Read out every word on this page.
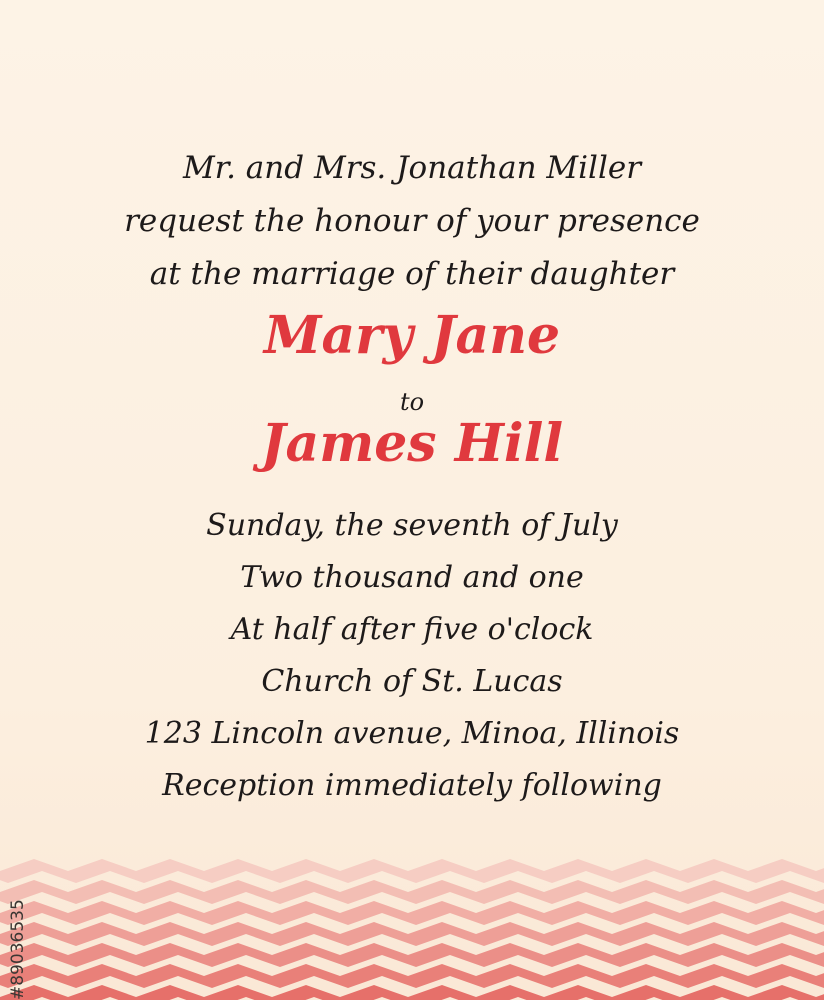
Mr. and Mrs. Jonathan Miller
request the honour of your presence
at the marriage of their daughter
Mary Jane
to
James Hill
Sunday, the seventh of July
Two thousand and one
At half after five o'clock
Church of St. Lucas
123 Lincoln avenue, Minoa, Illinois
Reception immediately following
#89036535
